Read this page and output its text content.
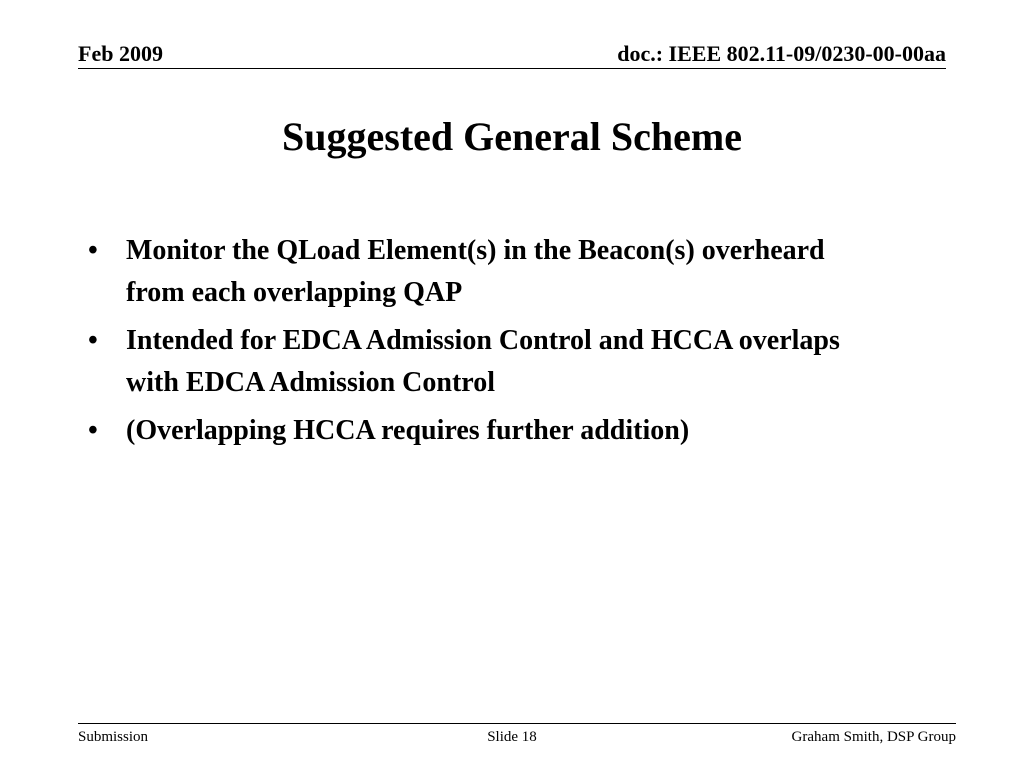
Feb 2009	doc.: IEEE 802.11-09/0230-00-00aa
Suggested General Scheme
•	Monitor the QLoad Element(s) in the Beacon(s) overheard from each overlapping QAP
•	Intended for EDCA Admission Control and HCCA overlaps with EDCA Admission Control
•	(Overlapping HCCA requires further addition)
Submission	Slide 18	Graham Smith, DSP Group
